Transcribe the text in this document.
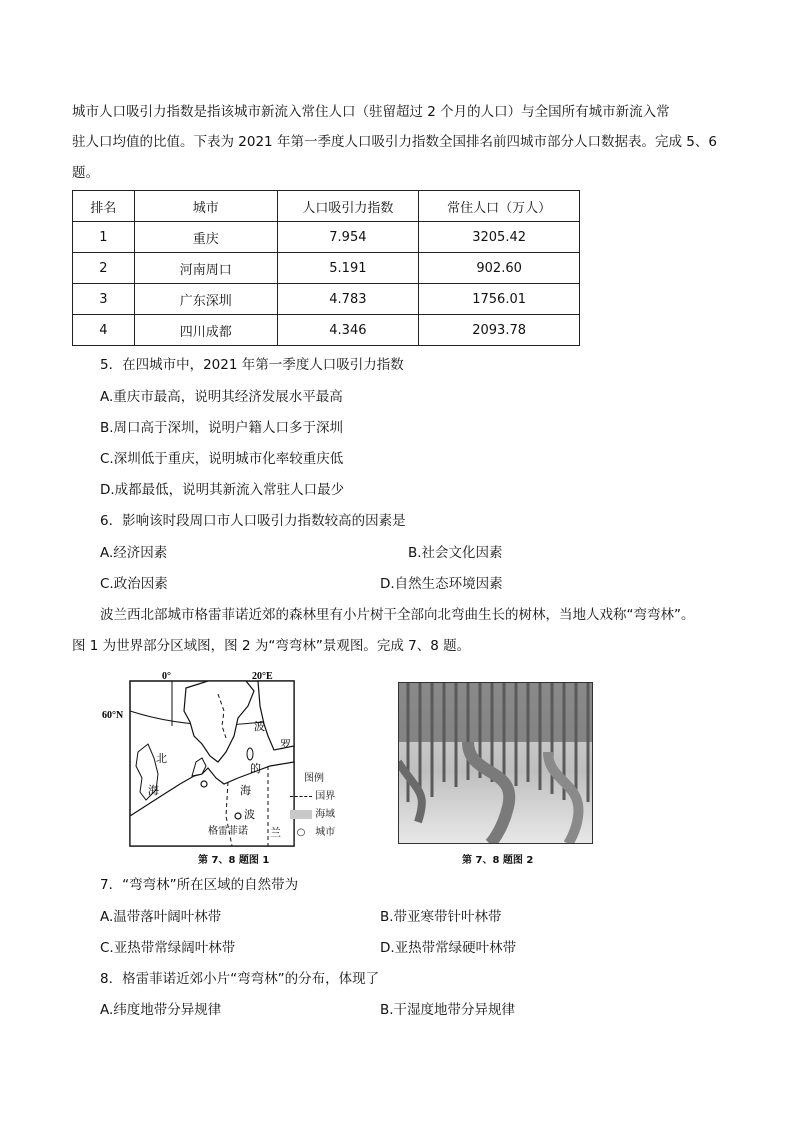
城市人口吸引力指数是指该城市新流入常住人口（驻留超过 2 个月的人口）与全国所有城市新流入常
驻人口均值的比值。下表为 2021 年第一季度人口吸引力指数全国排名前四城市部分人口数据表。完成 5、6
题。
排名	城市	人口吸引力指数	常住人口（万人）
1	重庆	7.954	3205.42
2	河南周口	5.191	902.60
3	广东深圳	4.783	1756.01
4	四川成都	4.346	2093.78
5．在四城市中，2021 年第一季度人口吸引力指数
A.重庆市最高，说明其经济发展水平最高
B.周口高于深圳，说明户籍人口多于深圳
C.深圳低于重庆，说明城市化率较重庆低
D.成都最低，说明其新流入常驻人口最少
6．影响该时段周口市人口吸引力指数较高的因素是
A.经济因素	B.社会文化因素
C.政治因素	D.自然生态环境因素
波兰西北部城市格雷菲诺近郊的森林里有小片树干全部向北弯曲生长的树林，当地人戏称“弯弯林”。
图 1 为世界部分区域图，图 2 为“弯弯林”景观图。完成 7、8 题。
0°	20°E
60°N
北
海
波
罗
的
海
波
兰
格雷菲诺
图例
国界
海域
○ 城市
第 7、8 题图 1	第 7、8 题图 2
7．“弯弯林”所在区域的自然带为
A.温带落叶阔叶林带	B.带亚寒带针叶林带
C.亚热带常绿阔叶林带	D.亚热带常绿硬叶林带
8．格雷菲诺近郊小片“弯弯林”的分布，体现了
A.纬度地带分异规律	B.干湿度地带分异规律
